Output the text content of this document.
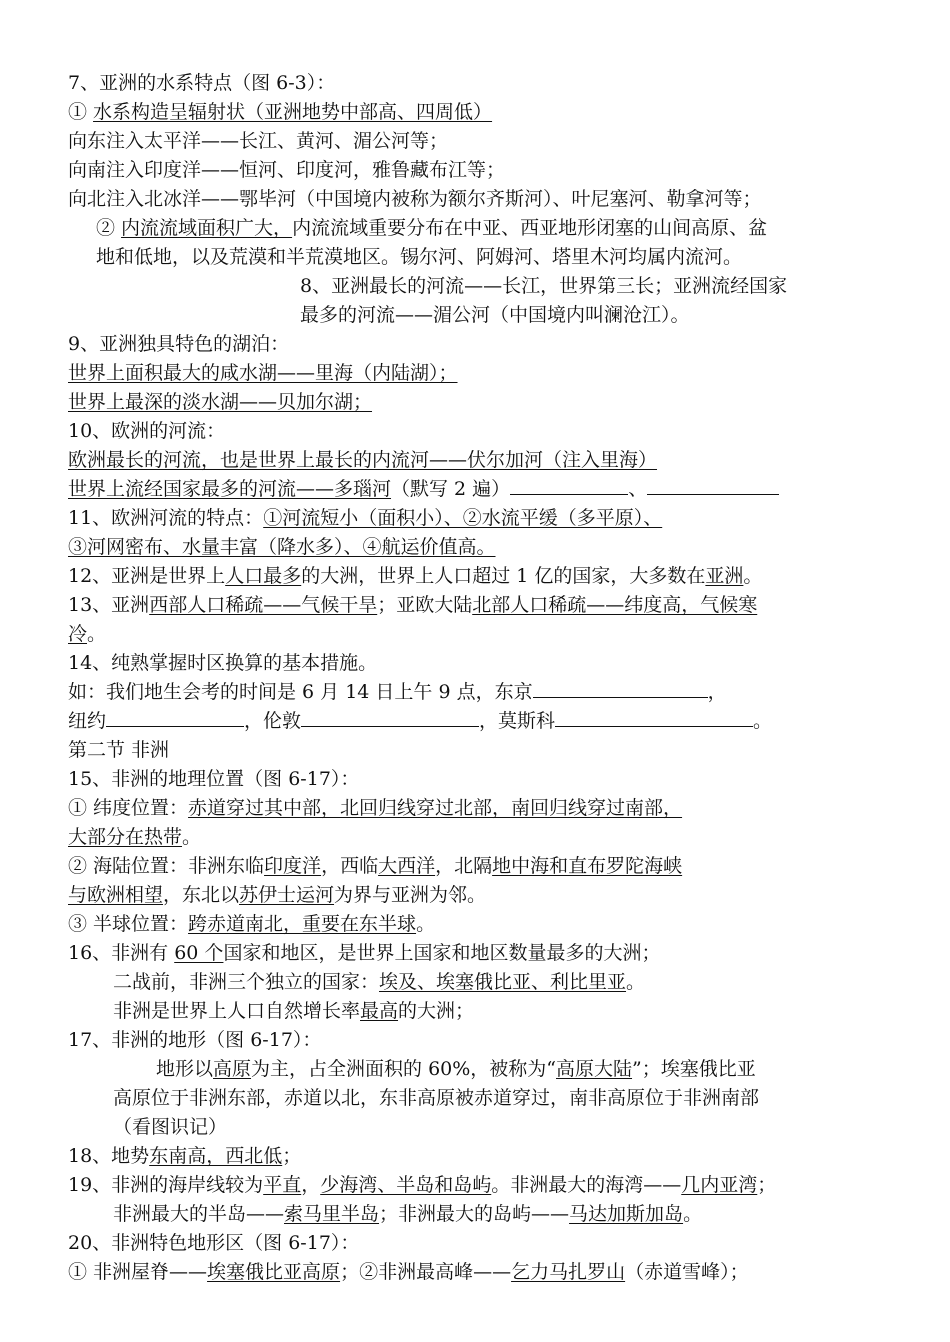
7、亚洲的水系特点（图 6-3）：
① 水系构造呈辐射状（亚洲地势中部高、四周低）
向东注入太平洋——长江、黄河、湄公河等；
向南注入印度洋——恒河、印度河，雅鲁藏布江等；
向北注入北冰洋——鄂毕河（中国境内被称为额尔齐斯河）、叶尼塞河、勒拿河等；
② 内流流域面积广大，内流流域重要分布在中亚、西亚地形闭塞的山间高原、盆
地和低地，以及荒漠和半荒漠地区。锡尔河、阿姆河、塔里木河均属内流河。
8、亚洲最长的河流——长江，世界第三长；亚洲流经国家
最多的河流——湄公河（中国境内叫澜沧江）。
9、亚洲独具特色的湖泊：
世界上面积最大的咸水湖——里海（内陆湖）；
世界上最深的淡水湖——贝加尔湖；
10、欧洲的河流：
欧洲最长的河流，也是世界上最长的内流河——伏尔加河（注入里海）
世界上流经国家最多的河流——多瑙河（默写 2 遍）	、
11、欧洲河流的特点：①河流短小（面积小）、②水流平缓（多平原）、
③河网密布、水量丰富（降水多）、④航运价值高。
12、亚洲是世界上人口最多的大洲，世界上人口超过 1 亿的国家，大多数在亚洲。
13、亚洲西部人口稀疏——气候干旱；亚欧大陆北部人口稀疏——纬度高，气候寒
冷。
14、纯熟掌握时区换算的基本措施。
如：我们地生会考的时间是 6 月 14 日上午 9 点，东京	，
纽约	，伦敦	，莫斯科	。
第二节 非洲
15、非洲的地理位置（图 6-17）：
① 纬度位置：赤道穿过其中部，北回归线穿过北部，南回归线穿过南部，
大部分在热带。
② 海陆位置：非洲东临印度洋，西临大西洋，北隔地中海和直布罗陀海峡
与欧洲相望，东北以苏伊士运河为界与亚洲为邻。
③ 半球位置：跨赤道南北，重要在东半球。
16、非洲有 60 个国家和地区，是世界上国家和地区数量最多的大洲；
二战前，非洲三个独立的国家：埃及、埃塞俄比亚、利比里亚。
非洲是世界上人口自然增长率最高的大洲；
17、非洲的地形（图 6-17）：
地形以高原为主，占全洲面积的 60%，被称为“高原大陆”；埃塞俄比亚
高原位于非洲东部，赤道以北，东非高原被赤道穿过，南非高原位于非洲南部
（看图识记）
18、地势东南高，西北低；
19、非洲的海岸线较为平直，少海湾、半岛和岛屿。非洲最大的海湾——几内亚湾；
非洲最大的半岛——索马里半岛；非洲最大的岛屿——马达加斯加岛。
20、非洲特色地形区（图 6-17）：
① 非洲屋脊——埃塞俄比亚高原；②非洲最高峰——乞力马扎罗山（赤道雪峰）；
